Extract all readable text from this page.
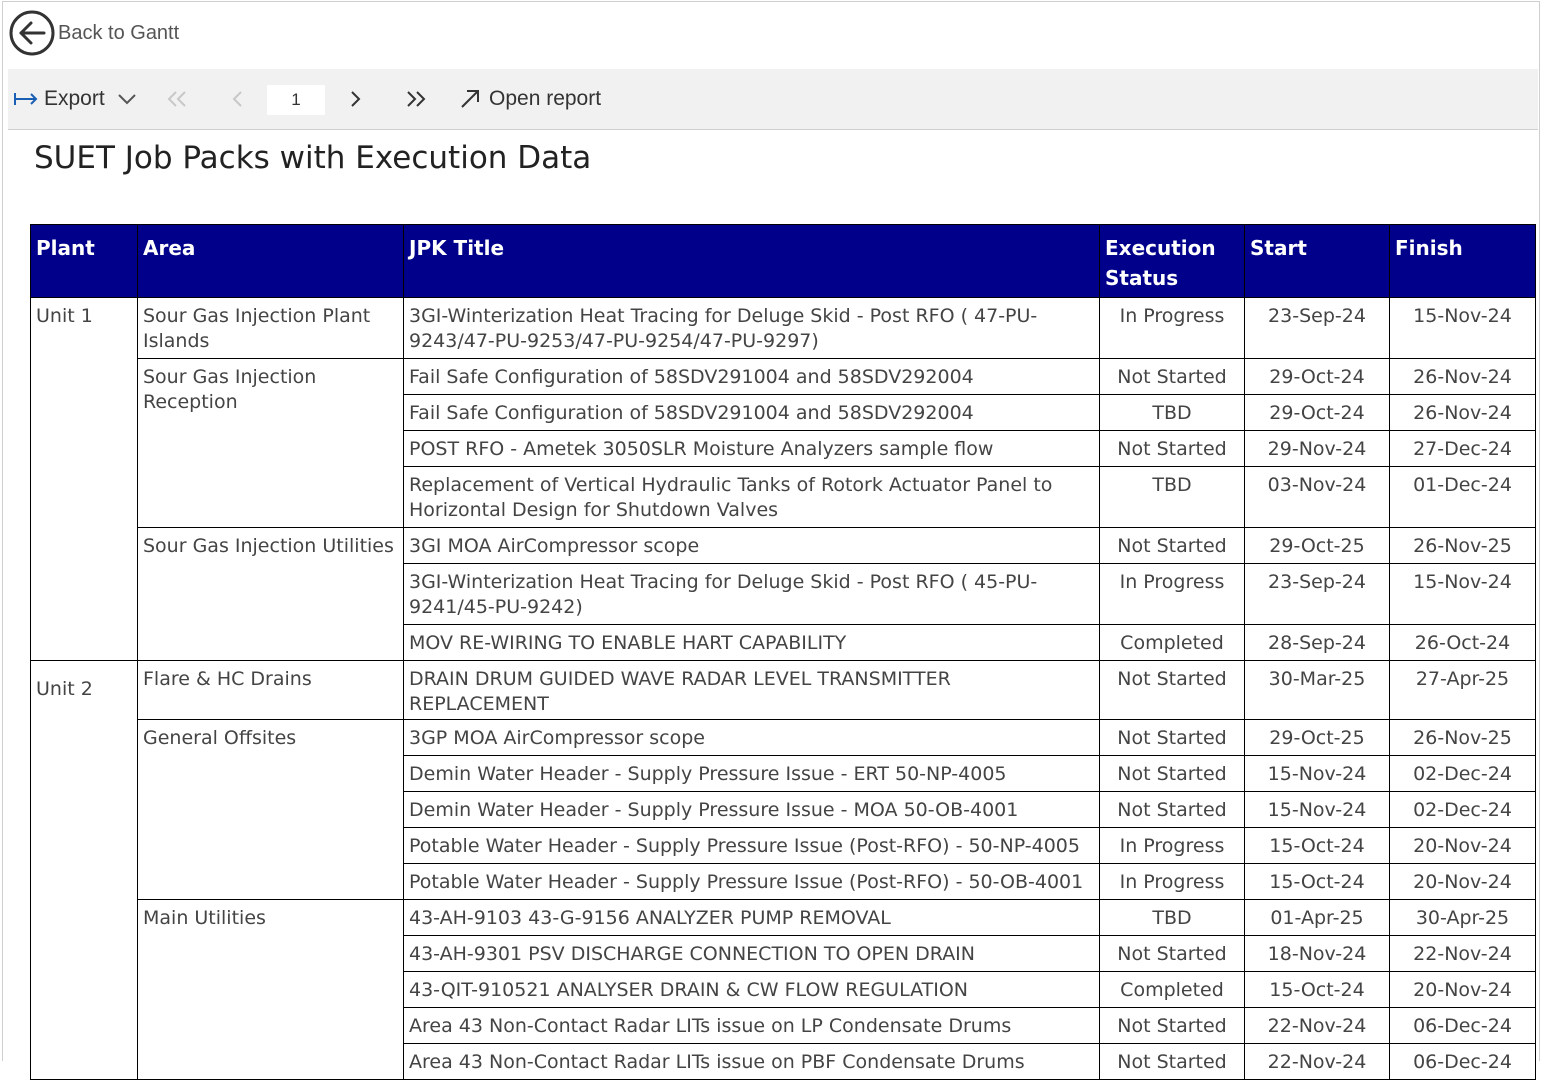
Back to Gantt
Export
1	Open report
SUET Job Packs with Execution Data
Plant	Area	JPK Title	Execution Status	Start	Finish
Unit 1	Sour Gas Injection Plant Islands	3GI-Winterization Heat Tracing for Deluge Skid - Post RFO ( 47-PU-9243/47-PU-9253/47-PU-9254/47-PU-9297)	In Progress	23-Sep-24	15-Nov-24
	Sour Gas Injection Reception	Fail Safe Configuration of 58SDV291004 and 58SDV292004	Not Started	29-Oct-24	26-Nov-24
		Fail Safe Configuration of 58SDV291004 and 58SDV292004	TBD	29-Oct-24	26-Nov-24
		POST RFO - Ametek 3050SLR Moisture Analyzers sample flow	Not Started	29-Nov-24	27-Dec-24
		Replacement of Vertical Hydraulic Tanks of Rotork Actuator Panel to Horizontal Design for Shutdown Valves	TBD	03-Nov-24	01-Dec-24
	Sour Gas Injection Utilities	3GI MOA AirCompressor scope	Not Started	29-Oct-25	26-Nov-25
		3GI-Winterization Heat Tracing for Deluge Skid - Post RFO ( 45-PU-9241/45-PU-9242)	In Progress	23-Sep-24	15-Nov-24
		MOV RE-WIRING TO ENABLE HART CAPABILITY	Completed	28-Sep-24	26-Oct-24
Unit 2	Flare & HC Drains	DRAIN DRUM GUIDED WAVE RADAR LEVEL TRANSMITTER REPLACEMENT	Not Started	30-Mar-25	27-Apr-25
	General Offsites	3GP MOA AirCompressor scope	Not Started	29-Oct-25	26-Nov-25
		Demin Water Header - Supply Pressure Issue - ERT 50-NP-4005	Not Started	15-Nov-24	02-Dec-24
		Demin Water Header - Supply Pressure Issue - MOA 50-OB-4001	Not Started	15-Nov-24	02-Dec-24
		Potable Water Header - Supply Pressure Issue (Post-RFO) - 50-NP-4005	In Progress	15-Oct-24	20-Nov-24
		Potable Water Header - Supply Pressure Issue (Post-RFO) - 50-OB-4001	In Progress	15-Oct-24	20-Nov-24
	Main Utilities	43-AH-9103 43-G-9156 ANALYZER PUMP REMOVAL	TBD	01-Apr-25	30-Apr-25
		43-AH-9301 PSV DISCHARGE CONNECTION TO OPEN DRAIN	Not Started	18-Nov-24	22-Nov-24
		43-QIT-910521 ANALYSER DRAIN & CW FLOW REGULATION	Completed	15-Oct-24	20-Nov-24
		Area 43 Non-Contact Radar LITs issue on LP Condensate Drums	Not Started	22-Nov-24	06-Dec-24
		Area 43 Non-Contact Radar LITs issue on PBF Condensate Drums	Not Started	22-Nov-24	06-Dec-24
